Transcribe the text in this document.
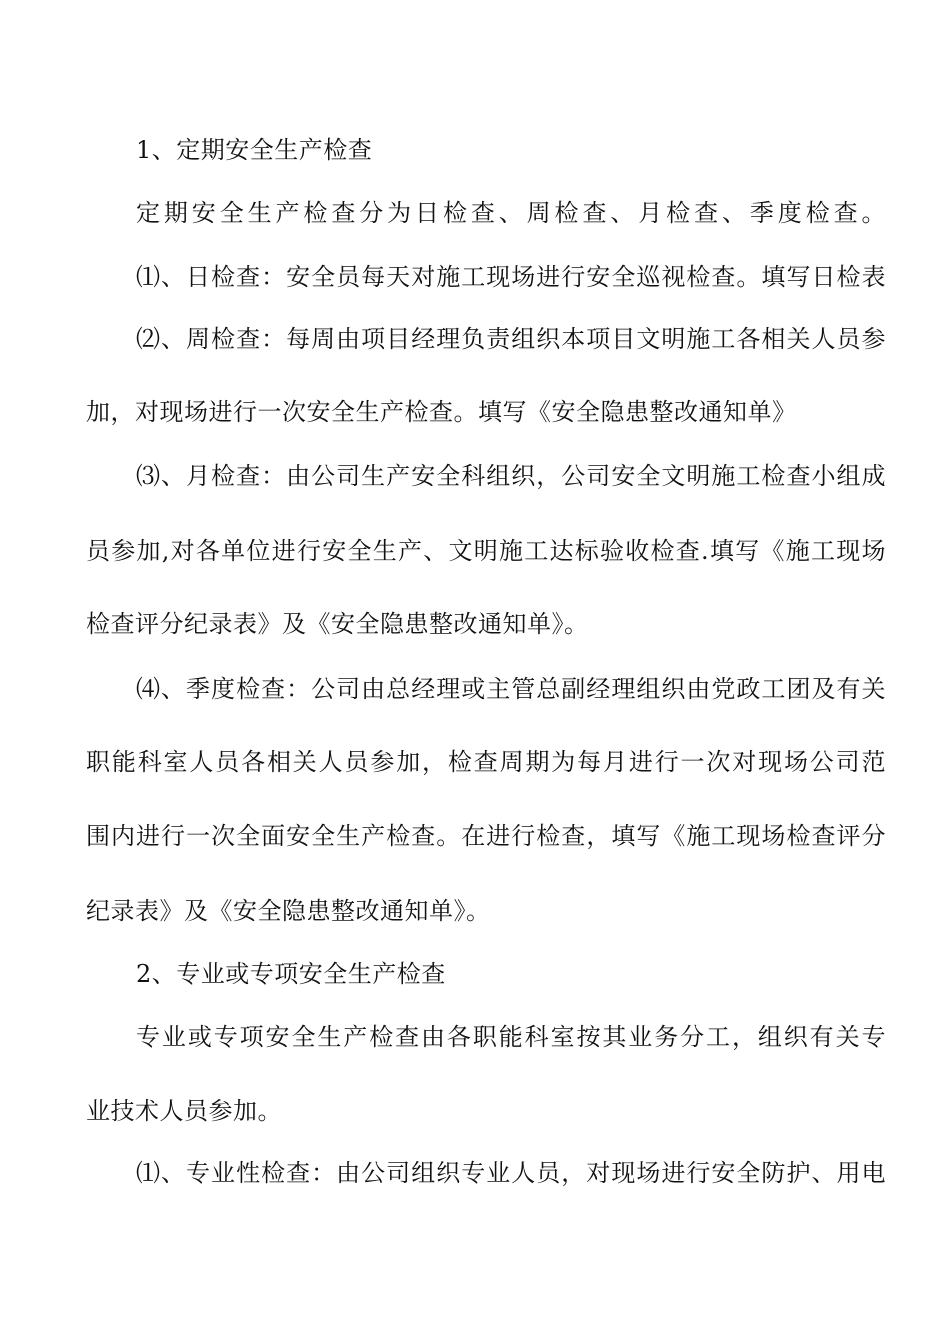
1、定期安全生产检查
定期安全生产检查分为日检查、周检查、月检查、季度检查。
⑴、日检查：安全员每天对施工现场进行安全巡视检查。填写日检表
⑵、周检查：每周由项目经理负责组织本项目文明施工各相关人员参
加，对现场进行一次安全生产检查。填写《安全隐患整改通知单》
⑶、月检查：由公司生产安全科组织，公司安全文明施工检查小组成
员参加,对各单位进行安全生产、文明施工达标验收检查.填写《施工现场
检查评分纪录表》及《安全隐患整改通知单》。
⑷、季度检查：公司由总经理或主管总副经理组织由党政工团及有关
职能科室人员各相关人员参加，检查周期为每月进行一次对现场公司范
围内进行一次全面安全生产检查。在进行检查，填写《施工现场检查评分
纪录表》及《安全隐患整改通知单》。
2、专业或专项安全生产检查
专业或专项安全生产检查由各职能科室按其业务分工，组织有关专
业技术人员参加。
⑴、专业性检查：由公司组织专业人员，对现场进行安全防护、用电
